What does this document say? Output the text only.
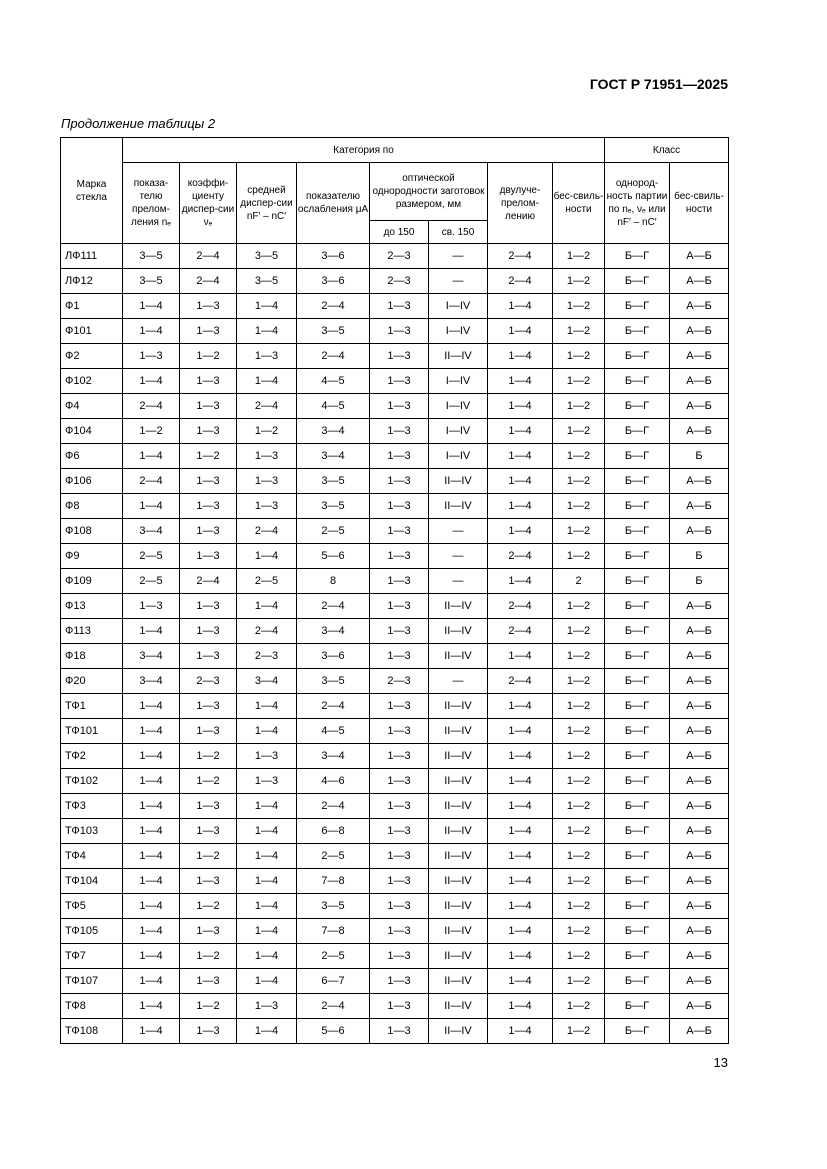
ГОСТ Р 71951—2025
Продолжение таблицы 2
Марка стекла	Категория по								Класс	
	показа-телю прелом-ления nₑ	коэффи-циенту диспер-сии νₑ	средней диспер-сии nF′ – nC′	показателю ослабления μA	оптической однородности заготовок размером, мм		двулуче-прелом-лению	бес-свиль-ности	однород-ность партии по nₑ, νₑ или nF′ – nC′	бес-свиль-ности
					до 150	св. 150				
ЛФ111	3—5	2—4	3—5	3—6	2—3	—	2—4	1—2	Б—Г	А—Б
ЛФ12	3—5	2—4	3—5	3—6	2—3	—	2—4	1—2	Б—Г	А—Б
Ф1	1—4	1—3	1—4	2—4	1—3	I—IV	1—4	1—2	Б—Г	А—Б
Ф101	1—4	1—3	1—4	3—5	1—3	I—IV	1—4	1—2	Б—Г	А—Б
Ф2	1—3	1—2	1—3	2—4	1—3	II—IV	1—4	1—2	Б—Г	А—Б
Ф102	1—4	1—3	1—4	4—5	1—3	I—IV	1—4	1—2	Б—Г	А—Б
Ф4	2—4	1—3	2—4	4—5	1—3	I—IV	1—4	1—2	Б—Г	А—Б
Ф104	1—2	1—3	1—2	3—4	1—3	I—IV	1—4	1—2	Б—Г	А—Б
Ф6	1—4	1—2	1—3	3—4	1—3	I—IV	1—4	1—2	Б—Г	Б
Ф106	2—4	1—3	1—3	3—5	1—3	II—IV	1—4	1—2	Б—Г	А—Б
Ф8	1—4	1—3	1—3	3—5	1—3	II—IV	1—4	1—2	Б—Г	А—Б
Ф108	3—4	1—3	2—4	2—5	1—3	—	1—4	1—2	Б—Г	А—Б
Ф9	2—5	1—3	1—4	5—6	1—3	—	2—4	1—2	Б—Г	Б
Ф109	2—5	2—4	2—5	8	1—3	—	1—4	2	Б—Г	Б
Ф13	1—3	1—3	1—4	2—4	1—3	II—IV	2—4	1—2	Б—Г	А—Б
Ф113	1—4	1—3	2—4	3—4	1—3	II—IV	2—4	1—2	Б—Г	А—Б
Ф18	3—4	1—3	2—3	3—6	1—3	II—IV	1—4	1—2	Б—Г	А—Б
Ф20	3—4	2—3	3—4	3—5	2—3	—	2—4	1—2	Б—Г	А—Б
ТФ1	1—4	1—3	1—4	2—4	1—3	II—IV	1—4	1—2	Б—Г	А—Б
ТФ101	1—4	1—3	1—4	4—5	1—3	II—IV	1—4	1—2	Б—Г	А—Б
ТФ2	1—4	1—2	1—3	3—4	1—3	II—IV	1—4	1—2	Б—Г	А—Б
ТФ102	1—4	1—2	1—3	4—6	1—3	II—IV	1—4	1—2	Б—Г	А—Б
ТФ3	1—4	1—3	1—4	2—4	1—3	II—IV	1—4	1—2	Б—Г	А—Б
ТФ103	1—4	1—3	1—4	6—8	1—3	II—IV	1—4	1—2	Б—Г	А—Б
ТФ4	1—4	1—2	1—4	2—5	1—3	II—IV	1—4	1—2	Б—Г	А—Б
ТФ104	1—4	1—3	1—4	7—8	1—3	II—IV	1—4	1—2	Б—Г	А—Б
ТФ5	1—4	1—2	1—4	3—5	1—3	II—IV	1—4	1—2	Б—Г	А—Б
ТФ105	1—4	1—3	1—4	7—8	1—3	II—IV	1—4	1—2	Б—Г	А—Б
ТФ7	1—4	1—2	1—4	2—5	1—3	II—IV	1—4	1—2	Б—Г	А—Б
ТФ107	1—4	1—3	1—4	6—7	1—3	II—IV	1—4	1—2	Б—Г	А—Б
ТФ8	1—4	1—2	1—3	2—4	1—3	II—IV	1—4	1—2	Б—Г	А—Б
ТФ108	1—4	1—3	1—4	5—6	1—3	II—IV	1—4	1—2	Б—Г	А—Б
13
